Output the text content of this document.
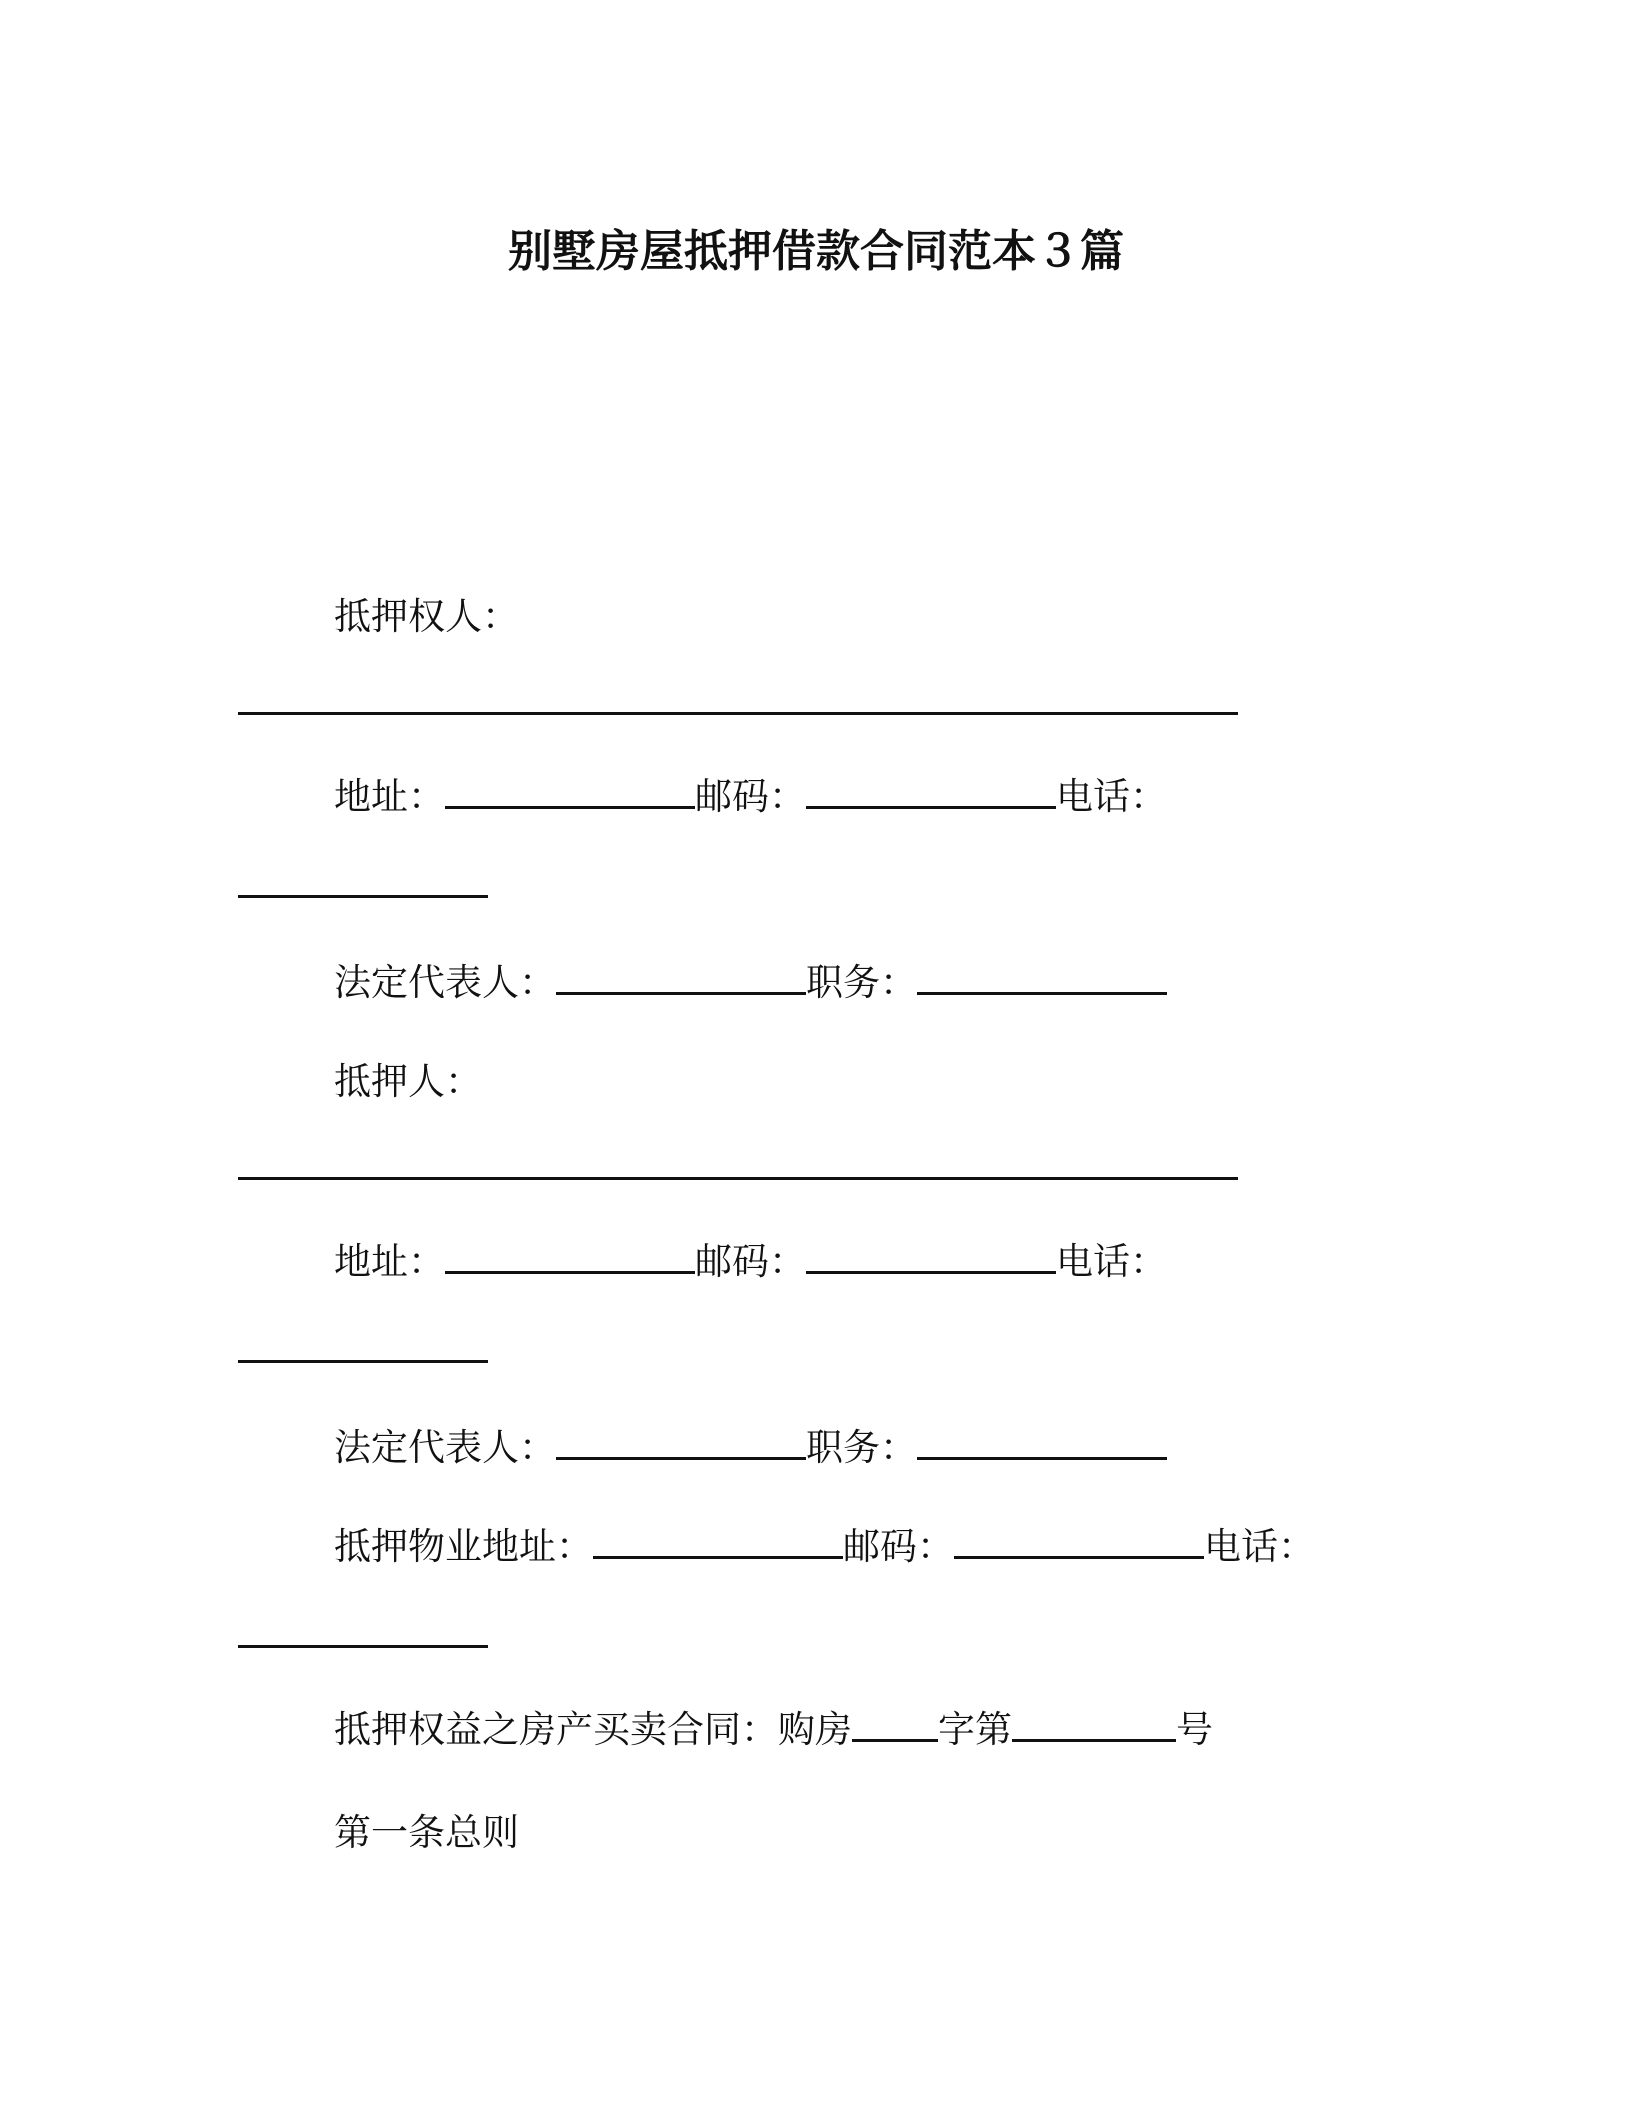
别墅房屋抵押借款合同范本３篇
抵押权人：
地址：	邮码：	电话：
法定代表人：	职务：
抵押人：
地址：	邮码：	电话：
法定代表人：	职务：
抵押物业地址：	邮码：	电话：
抵押权益之房产买卖合同：购房 字第	号
第一条总则
